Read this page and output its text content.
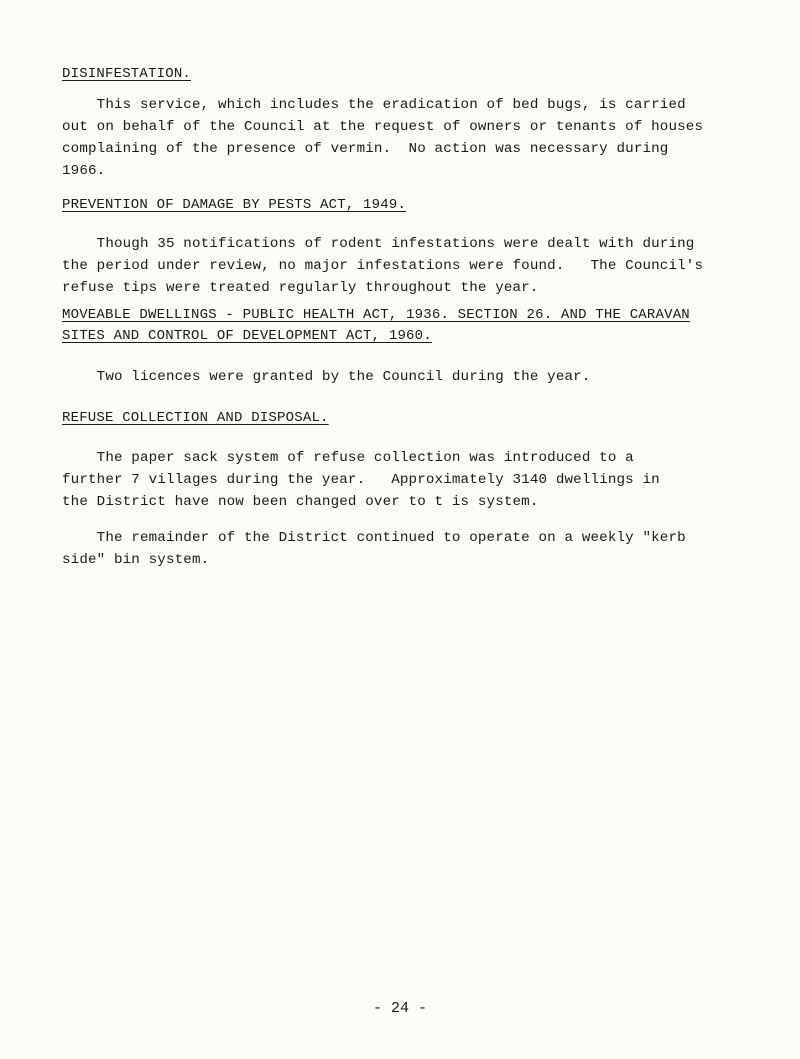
DISINFESTATION.
This service, which includes the eradication of bed bugs, is carried
out on behalf of the Council at the request of owners or tenants of houses
complaining of the presence of vermin.  No action was necessary during
1966.
PREVENTION OF DAMAGE BY PESTS ACT, 1949.
Though 35 notifications of rodent infestations were dealt with during
the period under review, no major infestations were found.   The Council's
refuse tips were treated regularly throughout the year.
MOVEABLE DWELLINGS - PUBLIC HEALTH ACT, 1936. SECTION 26. AND THE CARAVAN
SITES AND CONTROL OF DEVELOPMENT ACT, 1960.
Two licences were granted by the Council during the year.
REFUSE COLLECTION AND DISPOSAL.
The paper sack system of refuse collection was introduced to a
further 7 villages during the year.   Approximately 3140 dwellings in
the District have now been changed over to t is system.
The remainder of the District continued to operate on a weekly "kerb
side" bin system.
- 24 -
